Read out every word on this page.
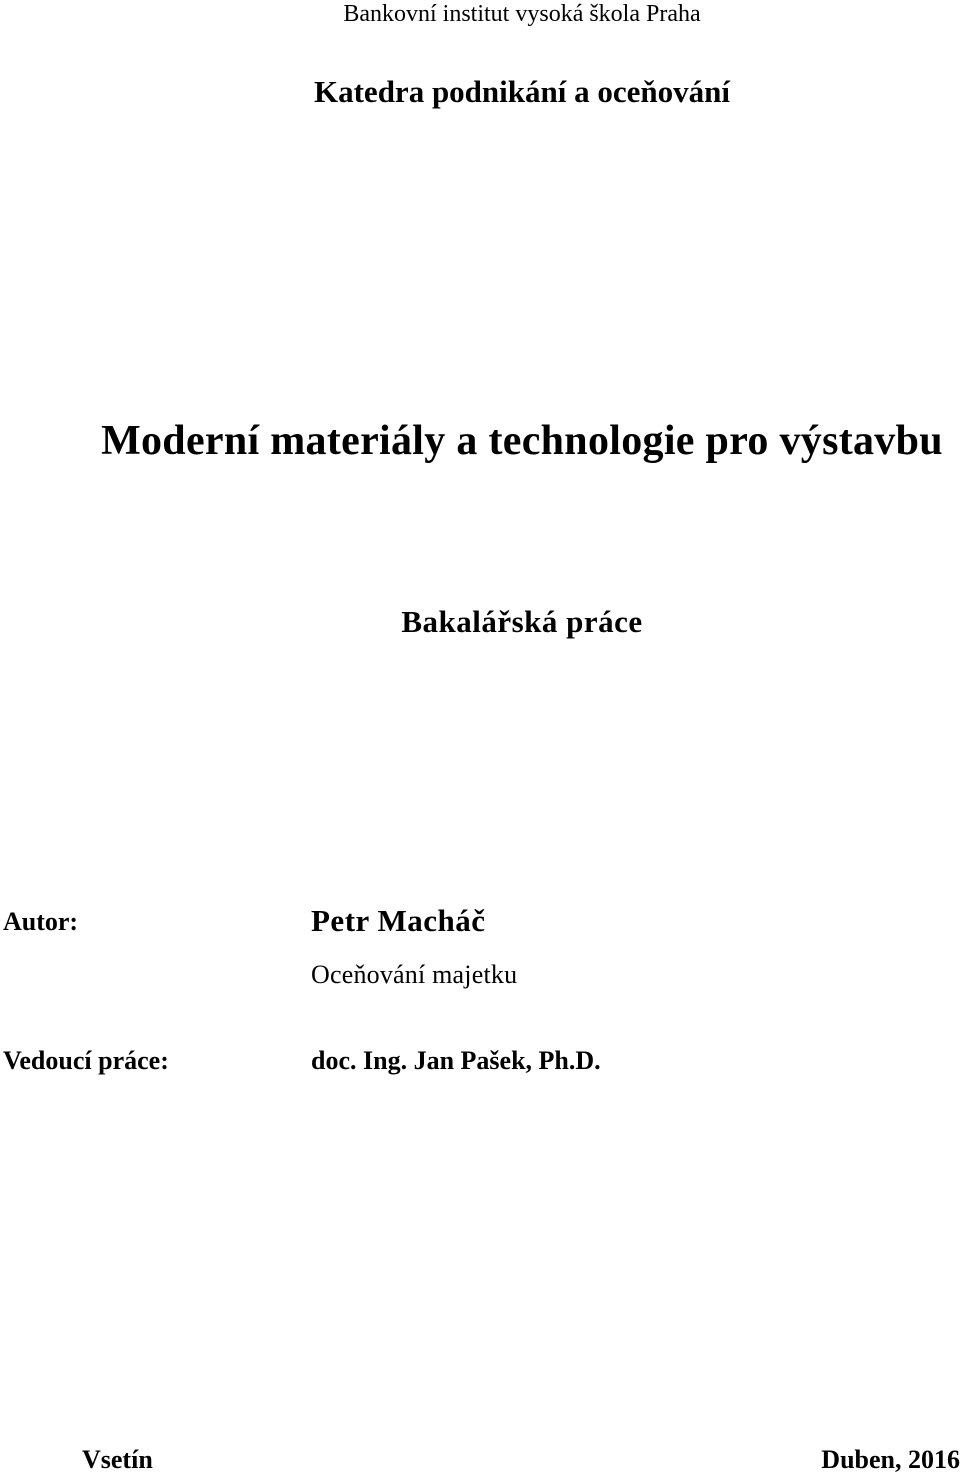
Bankovní institut vysoká škola Praha
Katedra podnikání a oceňování
Moderní materiály a technologie pro výstavbu
Bakalářská práce
Autor:	Petr Macháč
Oceňování majetku
Vedoucí práce:	doc. Ing. Jan Pašek, Ph.D.
Vsetín	Duben, 2016
